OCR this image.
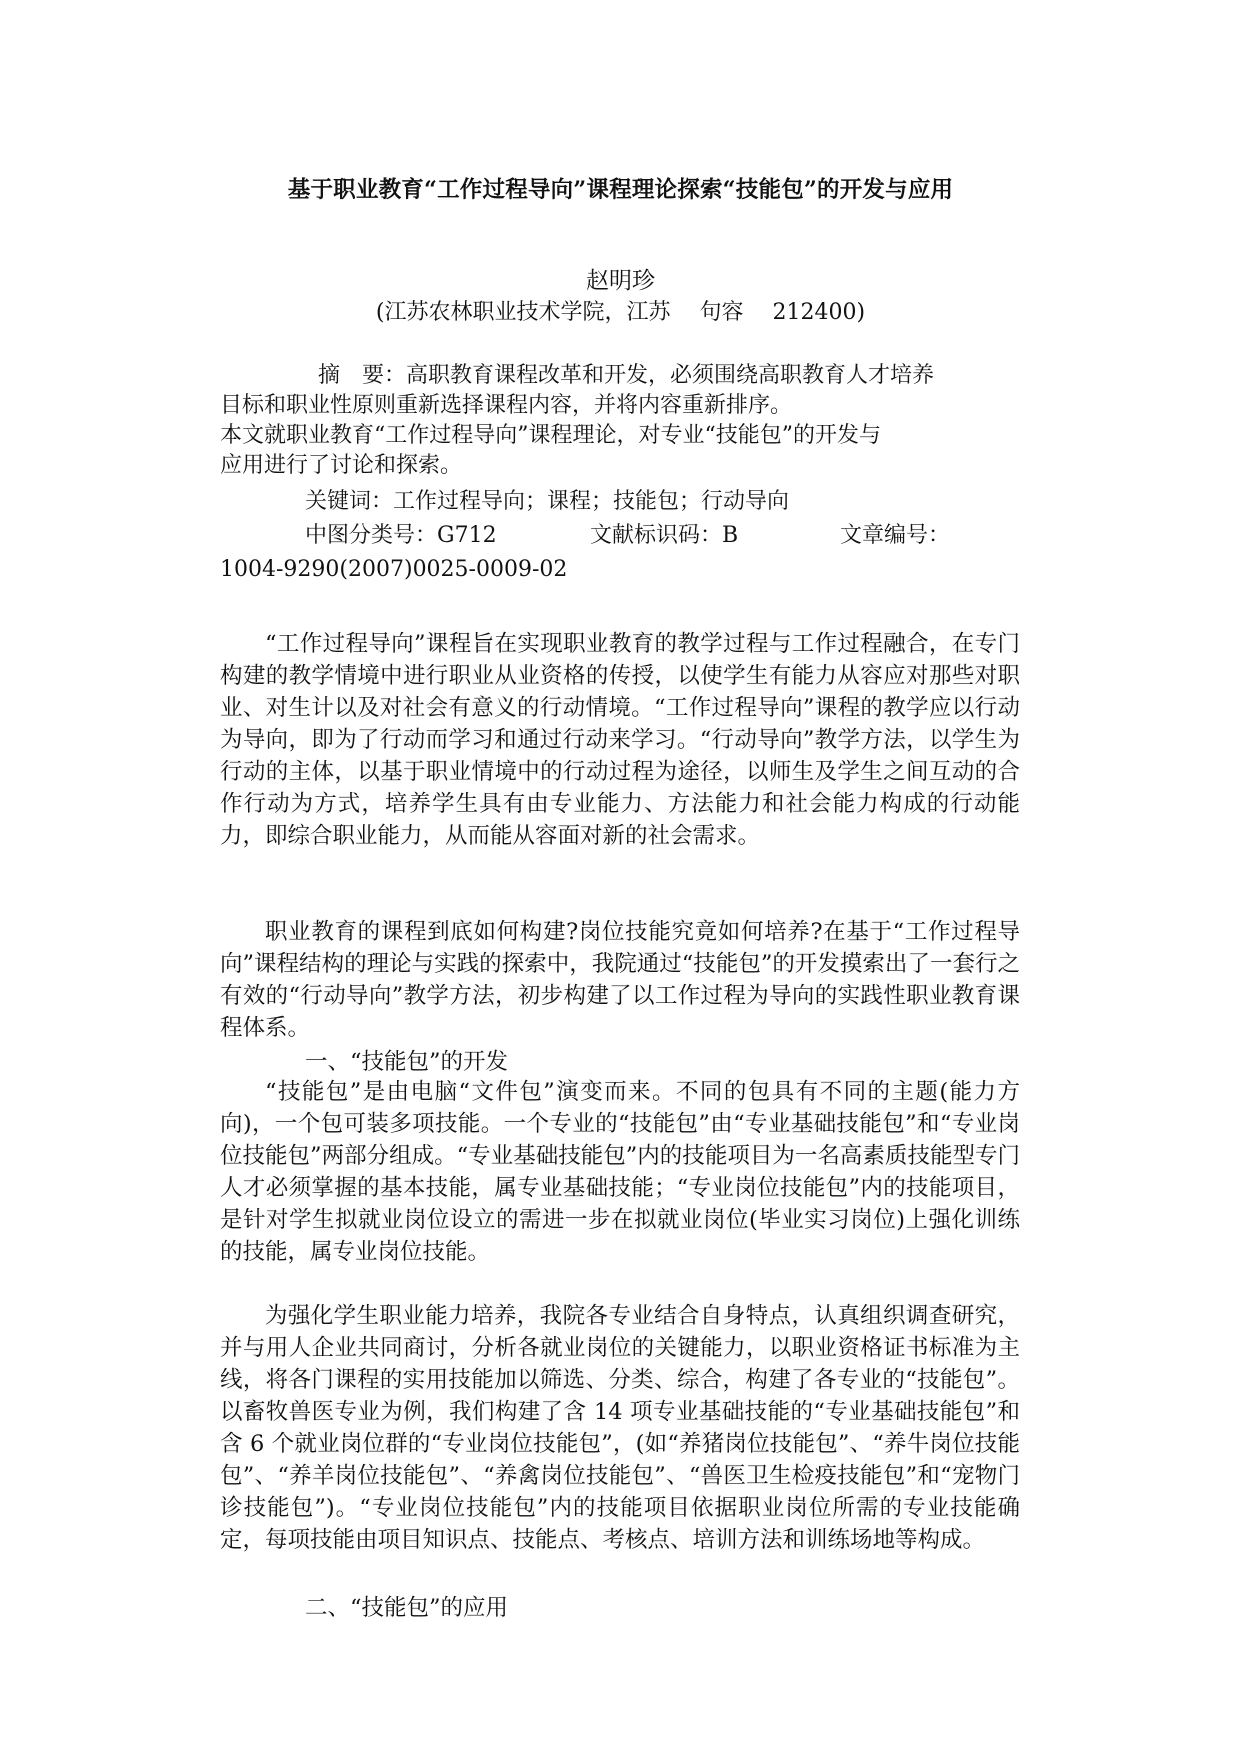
基于职业教育“工作过程导向”课程理论探索“技能包”的开发与应用
赵明珍
(江苏农林职业技术学院，江苏　 句容　 212400)
摘　要：高职教育课程改革和开发，必须围绕高职教育人才培养
目标和职业性原则重新选择课程内容，并将内容重新排序。
本文就职业教育“工作过程导向”课程理论，对专业“技能包”的开发与
应用进行了讨论和探索。
关键词：工作过程导向；课程；技能包；行动导向
中图分类号：G712	文献标识码：B	文章编号：
1004-9290(2007)0025-0009-02

“工作过程导向”课程旨在实现职业教育的教学过程与工作过程融合，在专门构建的教学情境中进行职业从业资格的传授，以使学生有能力从容应对那些对职业、对生计以及对社会有意义的行动情境。“工作过程导向”课程的教学应以行动为导向，即为了行动而学习和通过行动来学习。“行动导向”教学方法，以学生为行动的主体，以基于职业情境中的行动过程为途径，以师生及学生之间互动的合作行动为方式，培养学生具有由专业能力、方法能力和社会能力构成的行动能力，即综合职业能力，从而能从容面对新的社会需求。

职业教育的课程到底如何构建?岗位技能究竟如何培养?在基于“工作过程导向”课程结构的理论与实践的探索中，我院通过“技能包”的开发摸索出了一套行之有效的“行动导向”教学方法，初步构建了以工作过程为导向的实践性职业教育课程体系。

一、“技能包”的开发

“技能包”是由电脑“文件包”演变而来。不同的包具有不同的主题(能力方向)，一个包可装多项技能。一个专业的“技能包”由“专业基础技能包”和“专业岗位技能包”两部分组成。“专业基础技能包”内的技能项目为一名高素质技能型专门人才必须掌握的基本技能，属专业基础技能；“专业岗位技能包”内的技能项目，是针对学生拟就业岗位设立的需进一步在拟就业岗位(毕业实习岗位)上强化训练的技能，属专业岗位技能。

为强化学生职业能力培养，我院各专业结合自身特点，认真组织调查研究，并与用人企业共同商讨，分析各就业岗位的关键能力，以职业资格证书标准为主线，将各门课程的实用技能加以筛选、分类、综合，构建了各专业的“技能包”。以畜牧兽医专业为例，我们构建了含 14 项专业基础技能的“专业基础技能包”和含 6 个就业岗位群的“专业岗位技能包”，(如“养猪岗位技能包”、“养牛岗位技能包”、“养羊岗位技能包”、“养禽岗位技能包”、“兽医卫生检疫技能包”和“宠物门诊技能包”)。“专业岗位技能包”内的技能项目依据职业岗位所需的专业技能确定，每项技能由项目知识点、技能点、考核点、培训方法和训练场地等构成。

二、“技能包”的应用
